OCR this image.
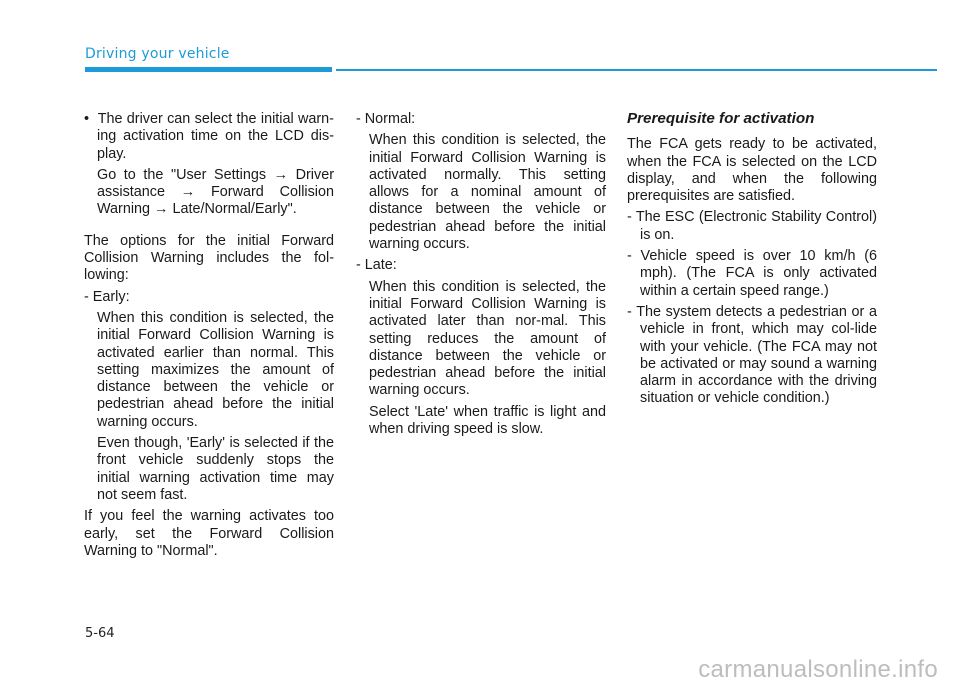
Driving your vehicle

•  The driver can select the initial warn-ing activation time on the LCD dis-play.

Go to the "User Settings → Driver assistance → Forward Collision Warning → Late/Normal/Early".

The options for the initial Forward Collision Warning includes the fol-lowing:

- Early:

When this condition is selected, the initial Forward Collision Warning is activated earlier than normal. This setting maximizes the amount of distance between the vehicle or pedestrian ahead before the initial warning occurs.

Even though, 'Early' is selected if the front vehicle suddenly stops the initial warning activation time may not seem fast.

If you feel the warning activates too early, set the Forward Collision Warning to "Normal".

- Normal:

When this condition is selected, the initial Forward Collision Warning is activated normally. This setting allows for a nominal amount of distance between the vehicle or pedestrian ahead before the initial warning occurs.

- Late:

When this condition is selected, the initial Forward Collision Warning is activated later than nor-mal. This setting reduces the amount of distance between the vehicle or pedestrian ahead before the initial warning occurs.

Select 'Late' when traffic is light and when driving speed is slow.

Prerequisite for activation

The FCA gets ready to be activated, when the FCA is selected on the LCD display, and when the following prerequisites are satisfied.

- The ESC (Electronic Stability Control) is on.

- Vehicle speed is over 10 km/h (6 mph). (The FCA is only activated within a certain speed range.)

- The system detects a pedestrian or a vehicle in front, which may col-lide with your vehicle. (The FCA may not be activated or may sound a warning alarm in accordance with the driving situation or vehicle condition.)

5-64
carmanualsonline.info
